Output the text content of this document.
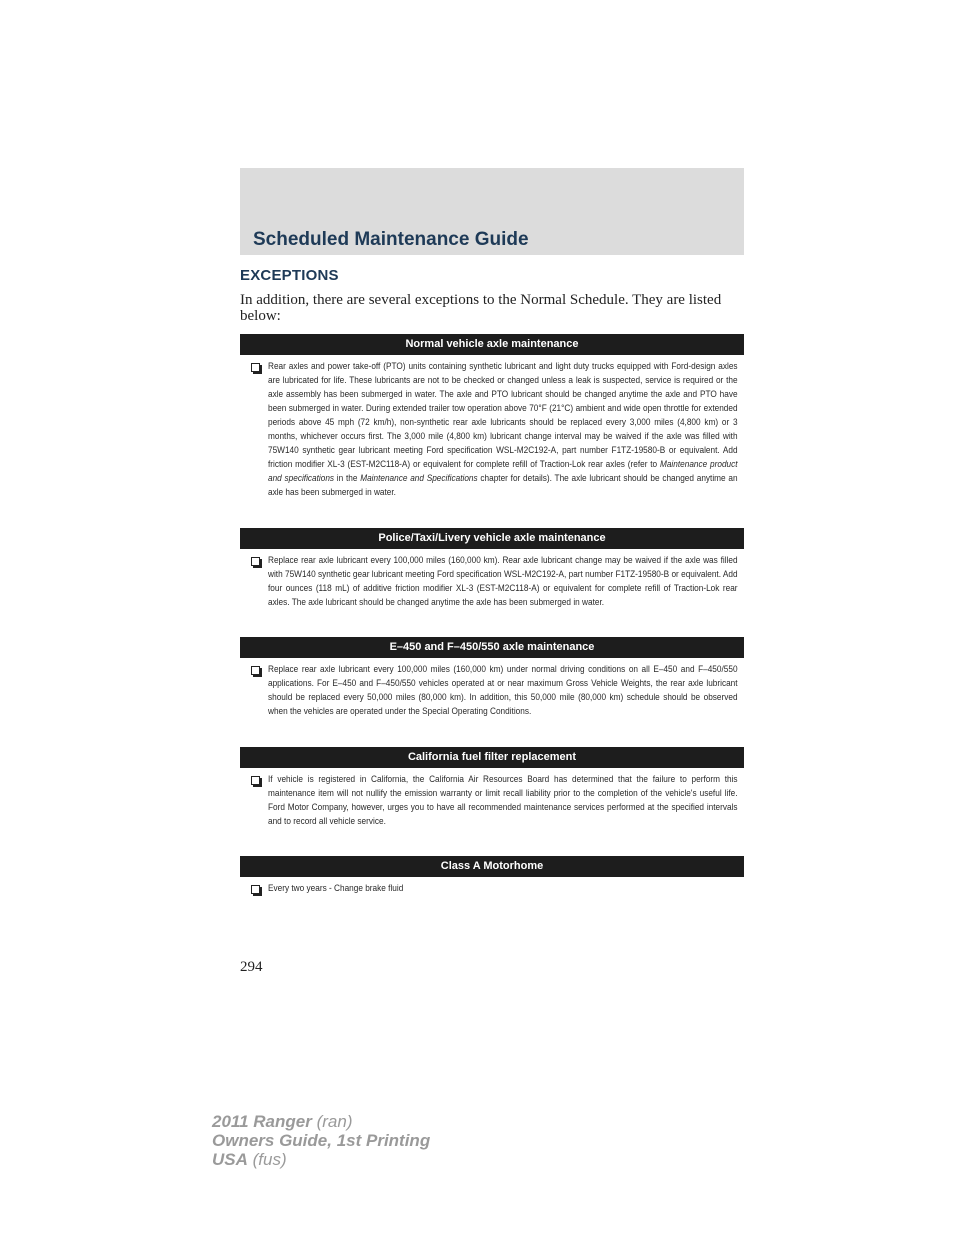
Scheduled Maintenance Guide
EXCEPTIONS

In addition, there are several exceptions to the Normal Schedule. They are listed below:

Normal vehicle axle maintenance

Rear axles and power take-off (PTO) units containing synthetic lubricant and light duty trucks equipped with Ford-design axles are lubricated for life. These lubricants are not to be checked or changed unless a leak is suspected, service is required or the axle assembly has been submerged in water. The axle and PTO lubricant should be changed anytime the axle and PTO have been submerged in water. During extended trailer tow operation above 70°F (21°C) ambient and wide open throttle for extended periods above 45 mph (72 km/h), non-synthetic rear axle lubricants should be replaced every 3,000 miles (4,800 km) or 3 months, whichever occurs first. The 3,000 mile (4,800 km) lubricant change interval may be waived if the axle was filled with 75W140 synthetic gear lubricant meeting Ford specification WSL-M2C192-A, part number F1TZ-19580-B or equivalent. Add friction modifier XL-3 (EST-M2C118-A) or equivalent for complete refill of Traction-Lok rear axles (refer to Maintenance product and specifications in the Maintenance and Specifications chapter for details). The axle lubricant should be changed anytime an axle has been submerged in water.

Police/Taxi/Livery vehicle axle maintenance

Replace rear axle lubricant every 100,000 miles (160,000 km). Rear axle lubricant change may be waived if the axle was filled with 75W140 synthetic gear lubricant meeting Ford specification WSL-M2C192-A, part number F1TZ-19580-B or equivalent. Add four ounces (118 mL) of additive friction modifier XL-3 (EST-M2C118-A) or equivalent for complete refill of Traction-Lok rear axles. The axle lubricant should be changed anytime the axle has been submerged in water.

E–450 and F–450/550 axle maintenance

Replace rear axle lubricant every 100,000 miles (160,000 km) under normal driving conditions on all E–450 and F–450/550 applications. For E–450 and F–450/550 vehicles operated at or near maximum Gross Vehicle Weights, the rear axle lubricant should be replaced every 50,000 miles (80,000 km). In addition, this 50,000 mile (80,000 km) schedule should be observed when the vehicles are operated under the Special Operating Conditions.

California fuel filter replacement

If vehicle is registered in California, the California Air Resources Board has determined that the failure to perform this maintenance item will not nullify the emission warranty or limit recall liability prior to the completion of the vehicle's useful life. Ford Motor Company, however, urges you to have all recommended maintenance services performed at the specified intervals and to record all vehicle service.

Class A Motorhome

Every two years - Change brake fluid

294

2011 Ranger (ran)
Owners Guide, 1st Printing
USA (fus)
